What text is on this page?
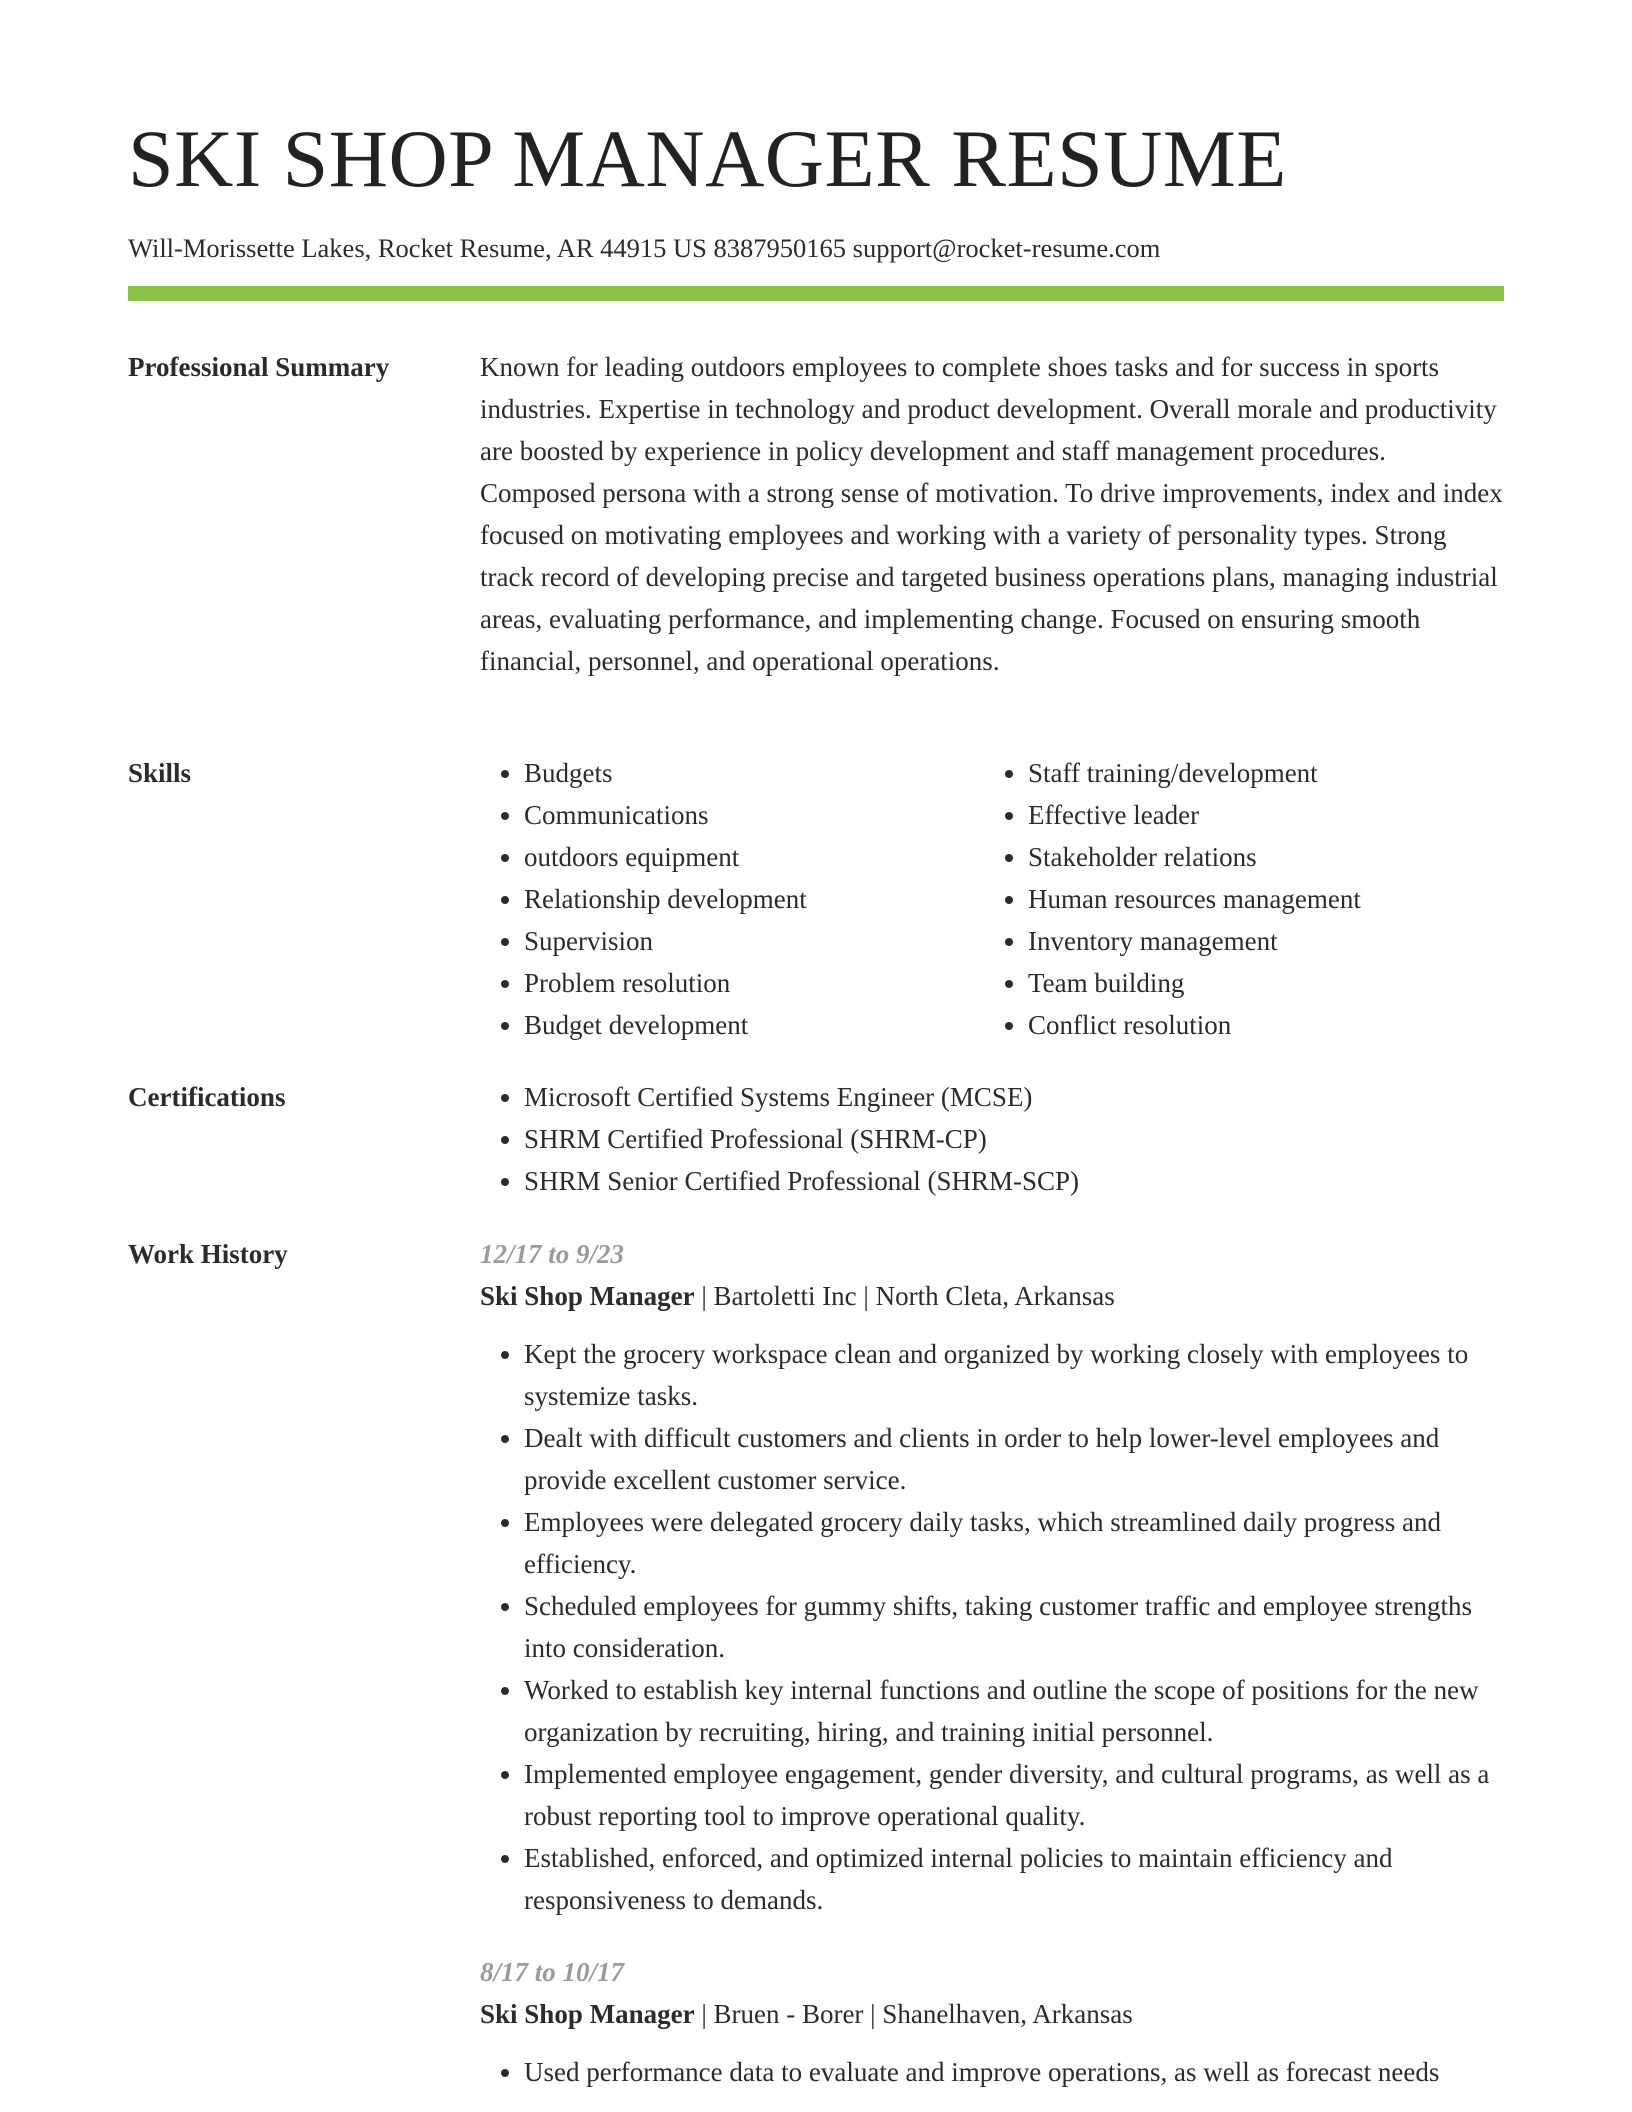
SKI SHOP MANAGER RESUME
Will-Morissette Lakes, Rocket Resume, AR 44915 US 8387950165 support@rocket-resume.com
Professional Summary	Known for leading outdoors employees to complete shoes tasks and for success in sports industries. Expertise in technology and product development. Overall morale and productivity are boosted by experience in policy development and staff management procedures. Composed persona with a strong sense of motivation. To drive improvements, index and index focused on motivating employees and working with a variety of personality types. Strong track record of developing precise and targeted business operations plans, managing industrial areas, evaluating performance, and implementing change. Focused on ensuring smooth financial, personnel, and operational operations.

Skills	• Budgets
• Communications
• outdoors equipment
• Relationship development
• Supervision
• Problem resolution
• Budget development
• Staff training/development
• Effective leader
• Stakeholder relations
• Human resources management
• Inventory management
• Team building
• Conflict resolution
Certifications	• Microsoft Certified Systems Engineer (MCSE)
• SHRM Certified Professional (SHRM-CP)
• SHRM Senior Certified Professional (SHRM-SCP)
Work History	12/17 to 9/23
Ski Shop Manager | Bartoletti Inc | North Cleta, Arkansas
• Kept the grocery workspace clean and organized by working closely with employees to systemize tasks.
• Dealt with difficult customers and clients in order to help lower-level employees and provide excellent customer service.
• Employees were delegated grocery daily tasks, which streamlined daily progress and efficiency.
• Scheduled employees for gummy shifts, taking customer traffic and employee strengths into consideration.
• Worked to establish key internal functions and outline the scope of positions for the new organization by recruiting, hiring, and training initial personnel.
• Implemented employee engagement, gender diversity, and cultural programs, as well as a robust reporting tool to improve operational quality.
• Established, enforced, and optimized internal policies to maintain efficiency and responsiveness to demands.
8/17 to 10/17
Ski Shop Manager | Bruen - Borer | Shanelhaven, Arkansas
• Used performance data to evaluate and improve operations, as well as forecast needs
